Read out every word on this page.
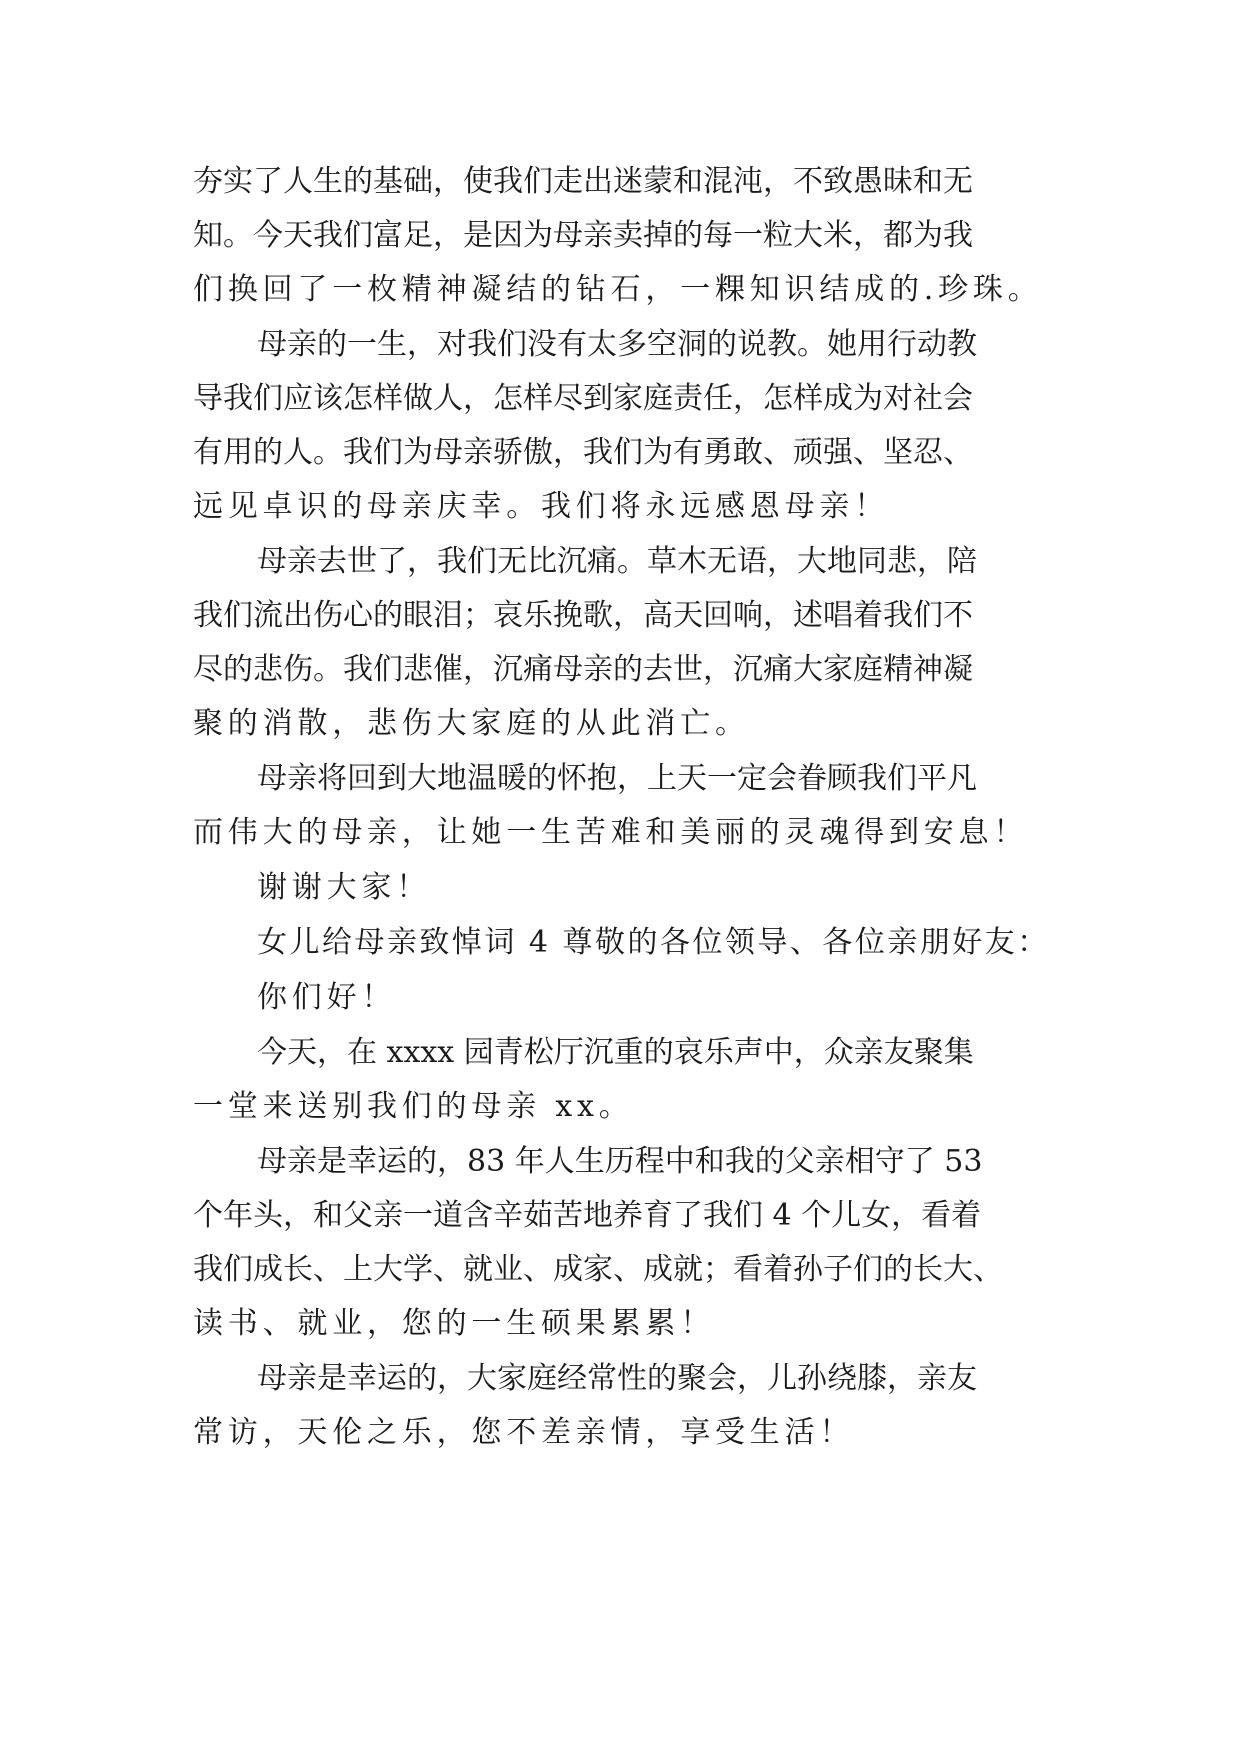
夯实了人生的基础，使我们走出迷蒙和混沌，不致愚昧和无
知。今天我们富足，是因为母亲卖掉的每一粒大米，都为我
们换回了一枚精神凝结的钻石，一粿知识结成的.珍珠。
母亲的一生，对我们没有太多空洞的说教。她用行动教
导我们应该怎样做人，怎样尽到家庭责任，怎样成为对社会
有用的人。我们为母亲骄傲，我们为有勇敢、顽强、坚忍、
远见卓识的母亲庆幸。我们将永远感恩母亲！
母亲去世了，我们无比沉痛。草木无语，大地同悲，陪
我们流出伤心的眼泪；哀乐挽歌，高天回响，述唱着我们不
尽的悲伤。我们悲催，沉痛母亲的去世，沉痛大家庭精神凝
聚的消散，悲伤大家庭的从此消亡。
母亲将回到大地温暖的怀抱，上天一定会眷顾我们平凡
而伟大的母亲，让她一生苦难和美丽的灵魂得到安息！
谢谢大家！
女儿给母亲致悼词 4 尊敬的各位领导、各位亲朋好友：
你们好！
今天，在 xxxx 园青松厅沉重的哀乐声中，众亲友聚集
一堂来送别我们的母亲 xx。
母亲是幸运的，83 年人生历程中和我的父亲相守了 53
个年头，和父亲一道含辛茹苦地养育了我们 4 个儿女，看着
我们成长、上大学、就业、成家、成就；看着孙子们的长大、
读书、就业，您的一生硕果累累！
母亲是幸运的，大家庭经常性的聚会，儿孙绕膝，亲友
常访，天伦之乐，您不差亲情，享受生活！
